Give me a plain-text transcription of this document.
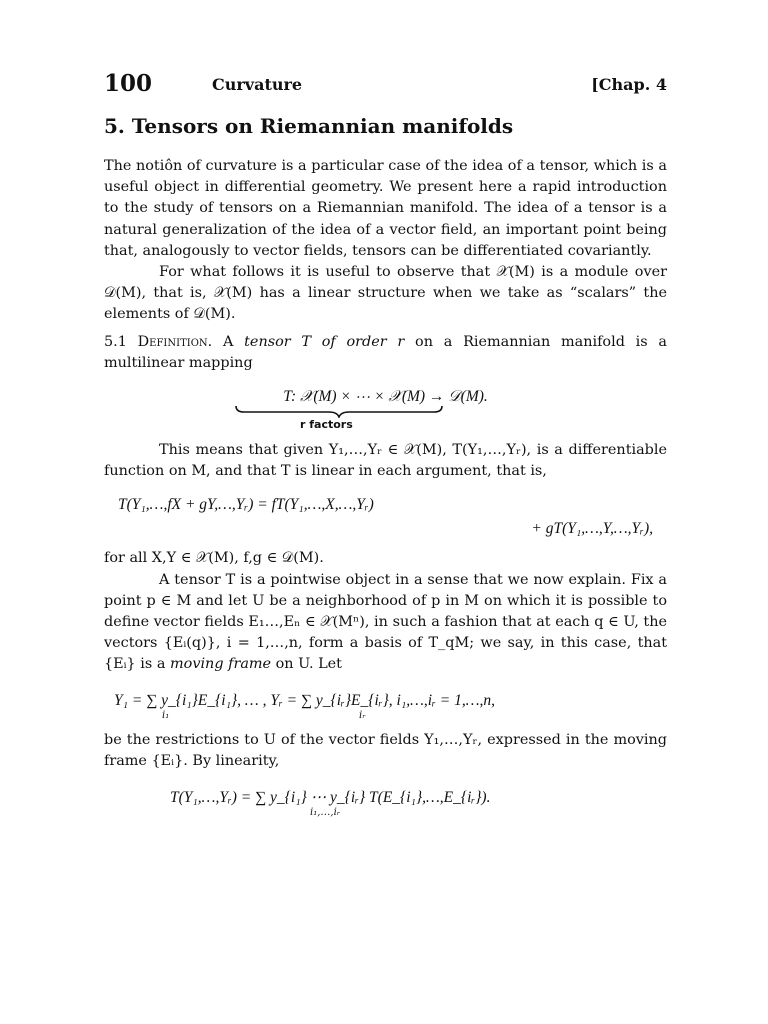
100	Curvature	[Chap. 4
5. Tensors on Riemannian manifolds

The notiôn of curvature is a particular case of the idea of a tensor, which is a useful object in differential geometry. We present here a rapid introduction to the study of tensors on a Riemannian manifold. The idea of a tensor is a natural generalization of the idea of a vector field, an important point being that, analogously to vector fields, tensors can be differentiated covariantly.

For what follows it is useful to observe that 𝒳(M) is a module over 𝒟(M), that is, 𝒳(M) has a linear structure when we take as “scalars” the elements of 𝒟(M).

5.1 Definition. A tensor T of order r on a Riemannian manifold is a multilinear mapping

T: 𝒳(M) × ⋯ × 𝒳(M) → 𝒟(M).
r factors

This means that given Y₁,…,Yᵣ ∈ 𝒳(M), T(Y₁,…,Yᵣ), is a differentiable function on M, and that T is linear in each argument, that is,

T(Y₁,…,fX + gY,…,Yᵣ) = fT(Y₁,…,X,…,Yᵣ)
+ gT(Y₁,…,Y,…,Yᵣ),

for all X,Y ∈ 𝒳(M), f,g ∈ 𝒟(M).

A tensor T is a pointwise object in a sense that we now explain. Fix a point p ∈ M and let U be a neighborhood of p in M on which it is possible to define vector fields E₁…,Eₙ ∈ 𝒳(Mⁿ), in such a fashion that at each q ∈ U, the vectors {Eᵢ(q)}, i = 1,…,n, form a basis of T_qM; we say, in this case, that {Eᵢ} is a moving frame on U. Let

Y₁ = ∑ y_{i₁}E_{i₁}, … , Yᵣ = ∑ y_{iᵣ}E_{iᵣ}, i₁,…,iᵣ = 1,…,n,
i₁	iᵣ

be the restrictions to U of the vector fields Y₁,…,Yᵣ, expressed in the moving frame {Eᵢ}. By linearity,

T(Y₁,…,Yᵣ) = ∑ y_{i₁} ⋯ y_{iᵣ} T(E_{i₁},…,E_{iᵣ}).
i₁,…,iᵣ
